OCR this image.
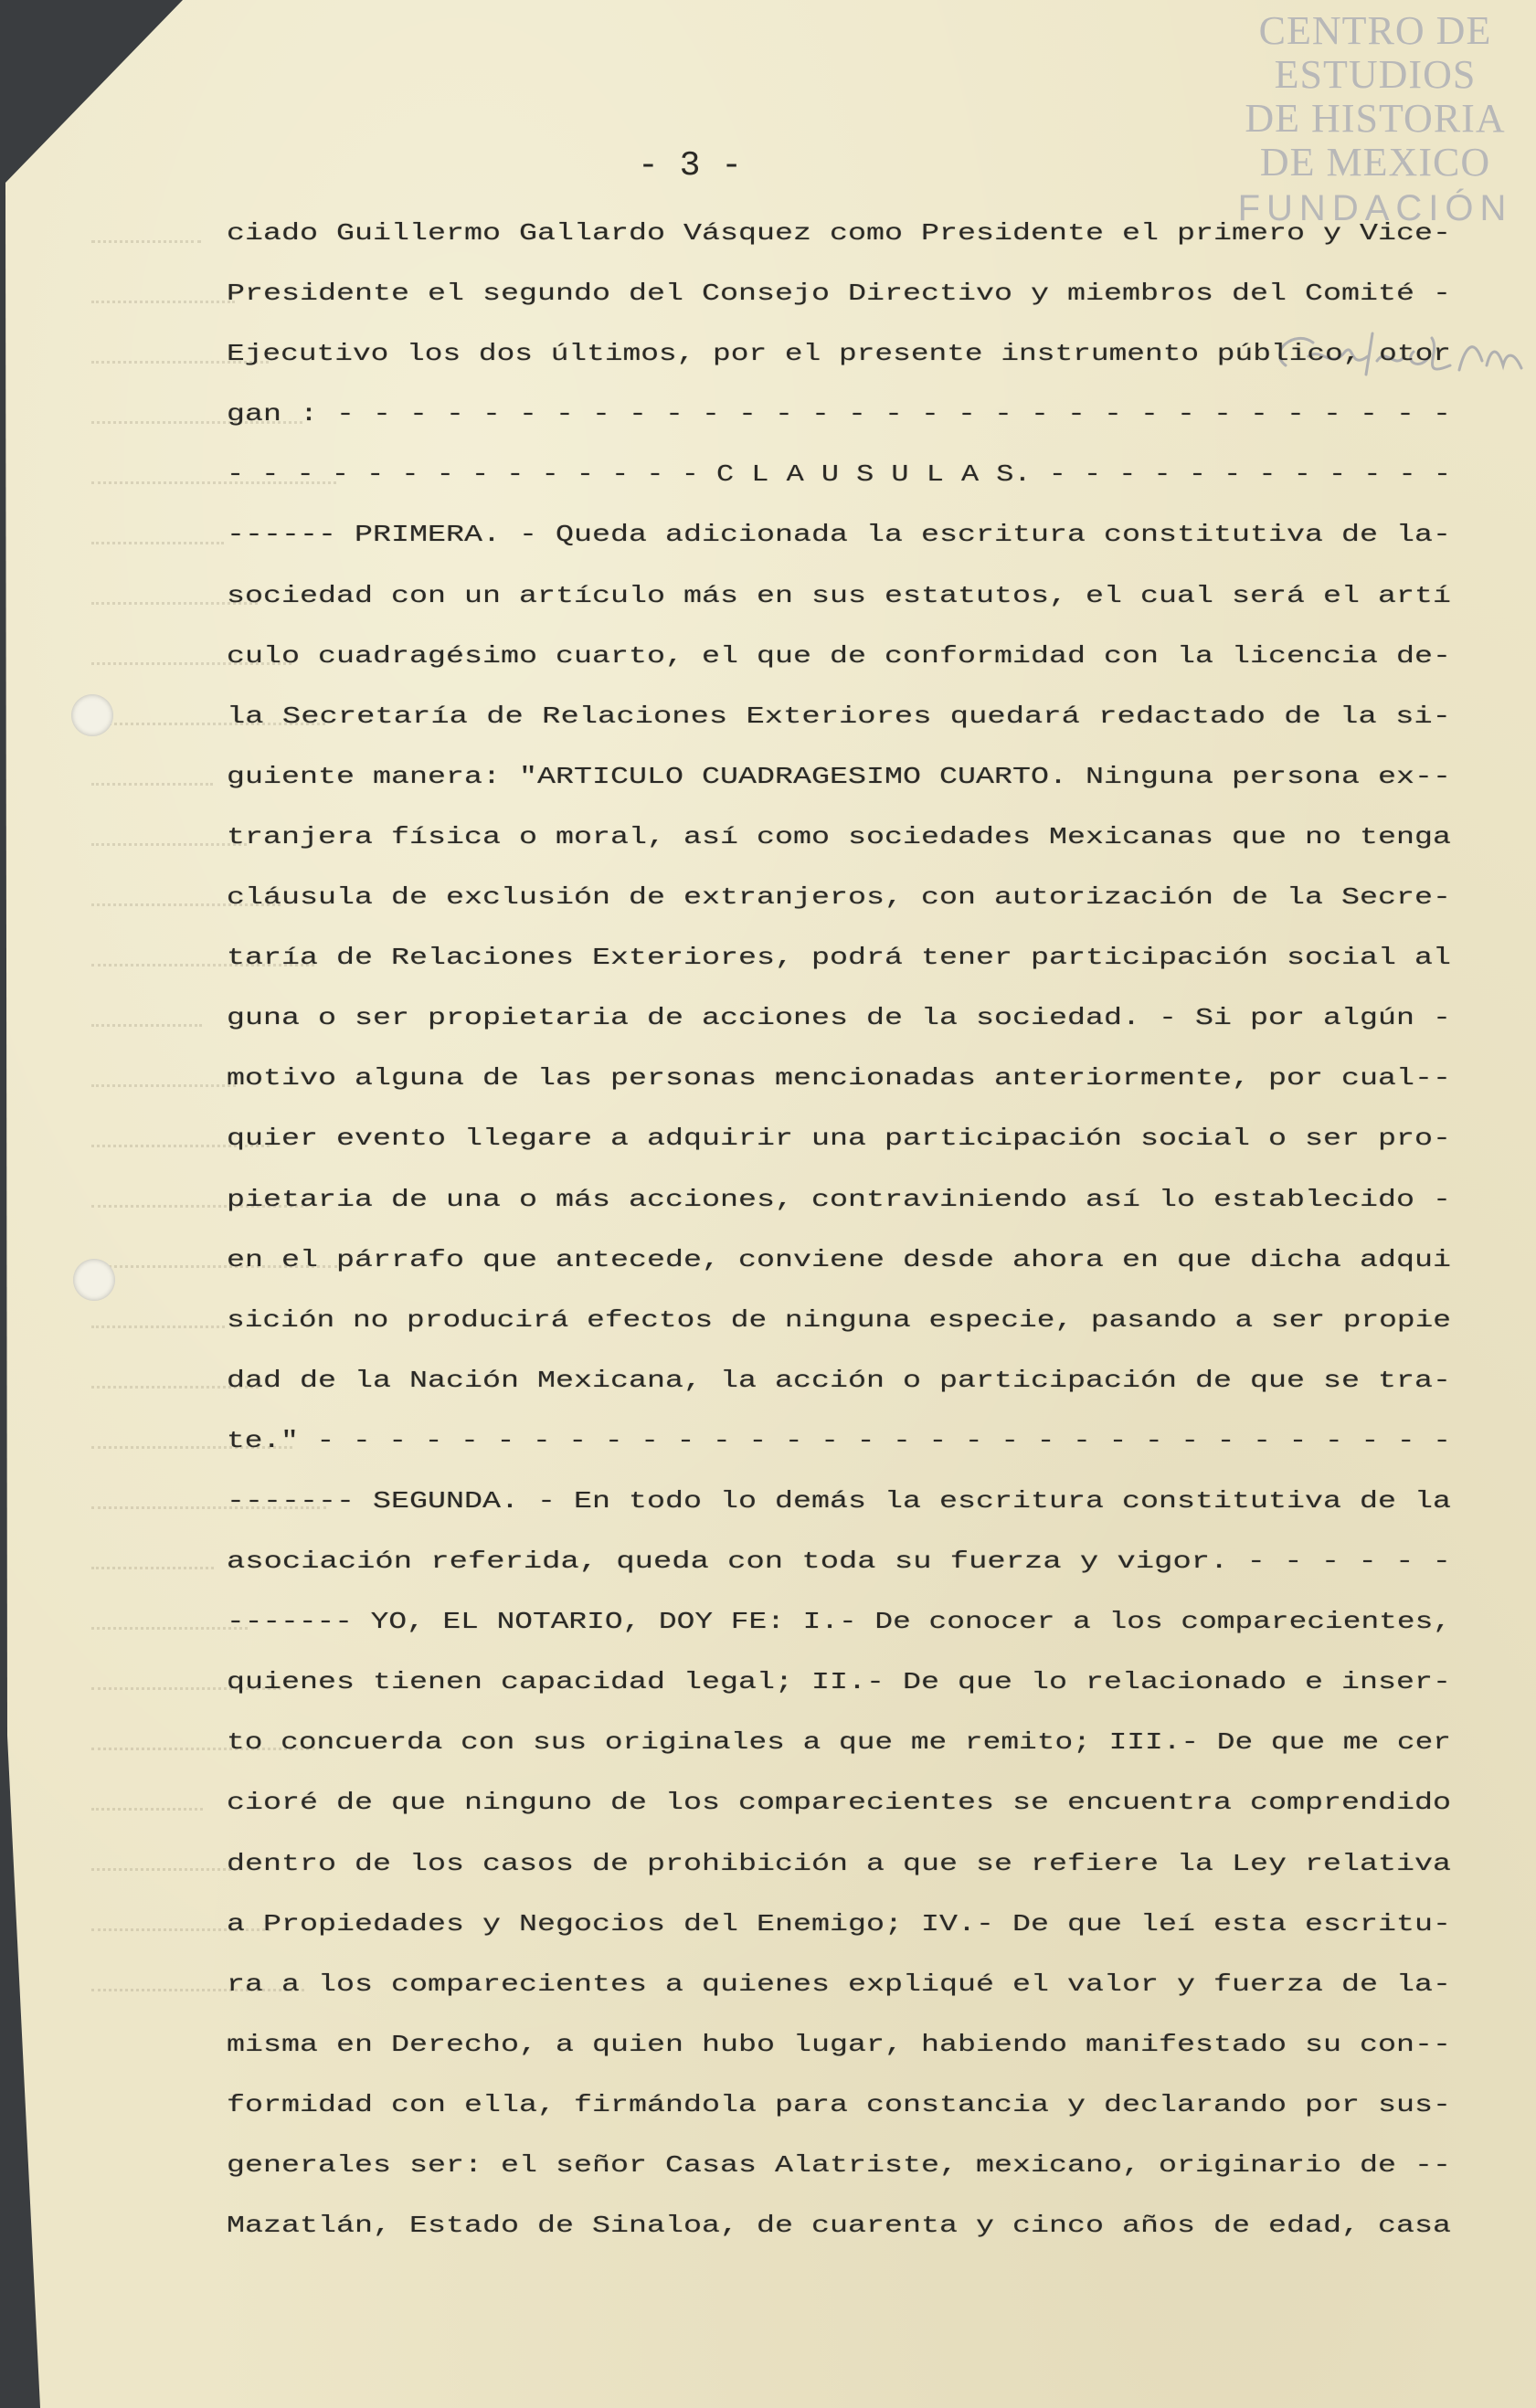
CENTRO DE
ESTUDIOS
DE HISTORIA
DE MEXICO
FUNDACIÓN
- 3 -
ciado Guillermo Gallardo Vásquez como Presidente el primero y Vice-
Presidente el segundo del Consejo Directivo y miembros del Comité -
Ejecutivo los dos últimos, por el presente instrumento público, otor
gan : - - - - - - - - - - - - - - - - - - - - - - - - - - - - - - -
- - - - - - - - - - - - - - C L A U S U L A S. - - - - - - - - - - - -
------ PRIMERA. - Queda adicionada la escritura constitutiva de la-
sociedad con un artículo más en sus estatutos, el cual será el artí
culo cuadragésimo cuarto, el que de conformidad con la licencia de-
la Secretaría de Relaciones Exteriores quedará redactado de la si-
guiente manera: "ARTICULO CUADRAGESIMO CUARTO. Ninguna persona ex--
tranjera física o moral, así como sociedades Mexicanas que no tenga
cláusula de exclusión de extranjeros, con autorización de la Secre-
taría de Relaciones Exteriores, podrá tener participación social al
guna o ser propietaria de acciones de la sociedad. - Si por algún -
motivo alguna de las personas mencionadas anteriormente, por cual--
quier evento llegare a adquirir una participación social o ser pro-
pietaria de una o más acciones, contraviniendo así lo establecido -
en el párrafo que antecede, conviene desde ahora en que dicha adqui
sición no producirá efectos de ninguna especie, pasando a ser propie
dad de la Nación Mexicana, la acción o participación de que se tra-
te." - - - - - - - - - - - - - - - - - - - - - - - - - - - - - - - -
------- SEGUNDA. - En todo lo demás la escritura constitutiva de la
asociación referida, queda con toda su fuerza y vigor. - - - - - -
------- YO, EL NOTARIO, DOY FE: I.- De conocer a los comparecientes,
quienes tienen capacidad legal; II.- De que lo relacionado e inser-
to concuerda con sus originales a que me remito; III.- De que me cer
cioré de que ninguno de los comparecientes se encuentra comprendido
dentro de los casos de prohibición a que se refiere la Ley relativa
a Propiedades y Negocios del Enemigo; IV.- De que leí esta escritu-
ra a los comparecientes a quienes expliqué el valor y fuerza de la-
misma en Derecho, a quien hubo lugar, habiendo manifestado su con--
formidad con ella, firmándola para constancia y declarando por sus-
generales ser: el señor Casas Alatriste, mexicano, originario de --
Mazatlán, Estado de Sinaloa, de cuarenta y cinco años de edad, casa
